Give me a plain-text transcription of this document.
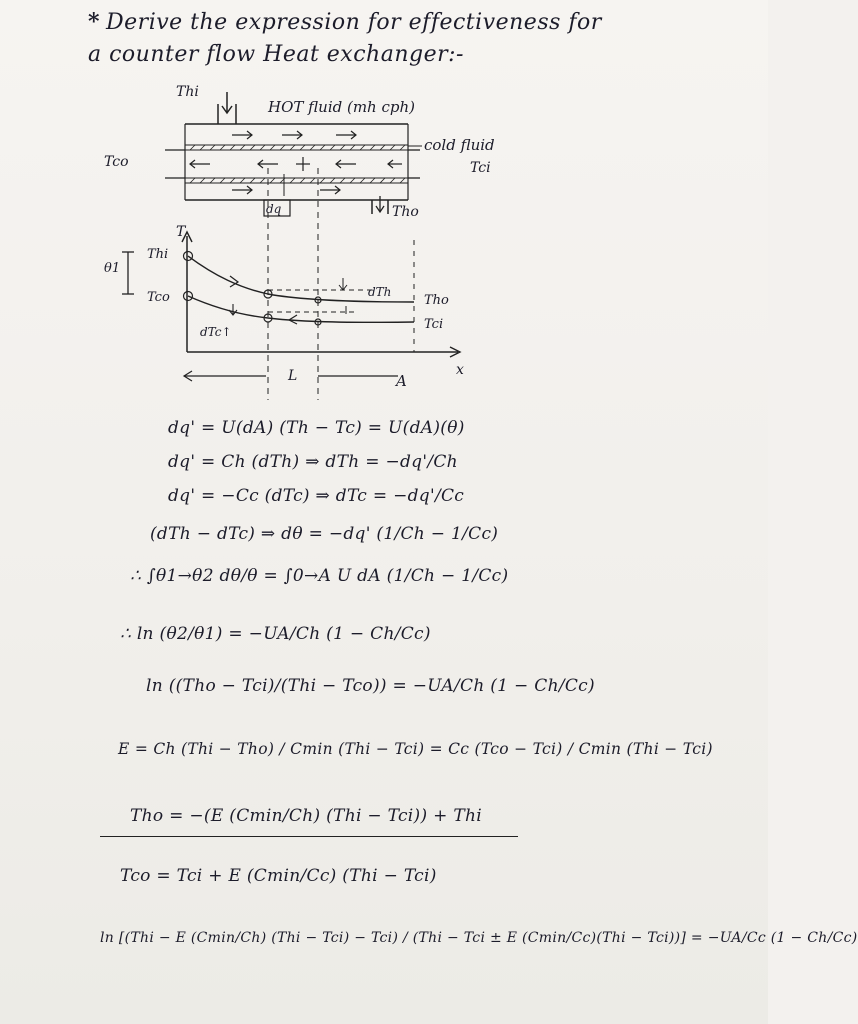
* Derive the expression for effectiveness for
a counter flow Heat exchanger:-
Thi
HOT fluid (mh cph)
cold fluid
Tci
Tco
Tho
dq
T
x
θ1
Thi
Tco	dTh
Tho
Tci
dTc↑
L	A
dq' = U(dA) (Th − Tc) = U(dA)(θ)
dq' = Ch (dTh) ⇒ dTh = −dq'/Ch
dq' = −Cc (dTc) ⇒ dTc = −dq'/Cc
(dTh − dTc) ⇒ dθ = −dq' (1/Ch − 1/Cc)
∴ ∫θ1→θ2 dθ/θ = ∫0→A U dA (1/Ch − 1/Cc)
∴ ln (θ2/θ1) = −UA/Ch (1 − Ch/Cc)
ln ((Tho − Tci)/(Thi − Tco)) = −UA/Ch (1 − Ch/Cc)
E = Ch (Thi − Tho) / Cmin (Thi − Tci) = Cc (Tco − Tci) / Cmin (Thi − Tci)
Tho = −(E (Cmin/Ch) (Thi − Tci)) + Thi
Tco = Tci + E (Cmin/Cc) (Thi − Tci)
ln [(Thi − E (Cmin/Ch) (Thi − Tci) − Tci) / (Thi − Tci ± E (Cmin/Cc)(Thi − Tci))] = −UA/Cc (1 − Ch/Cc)
